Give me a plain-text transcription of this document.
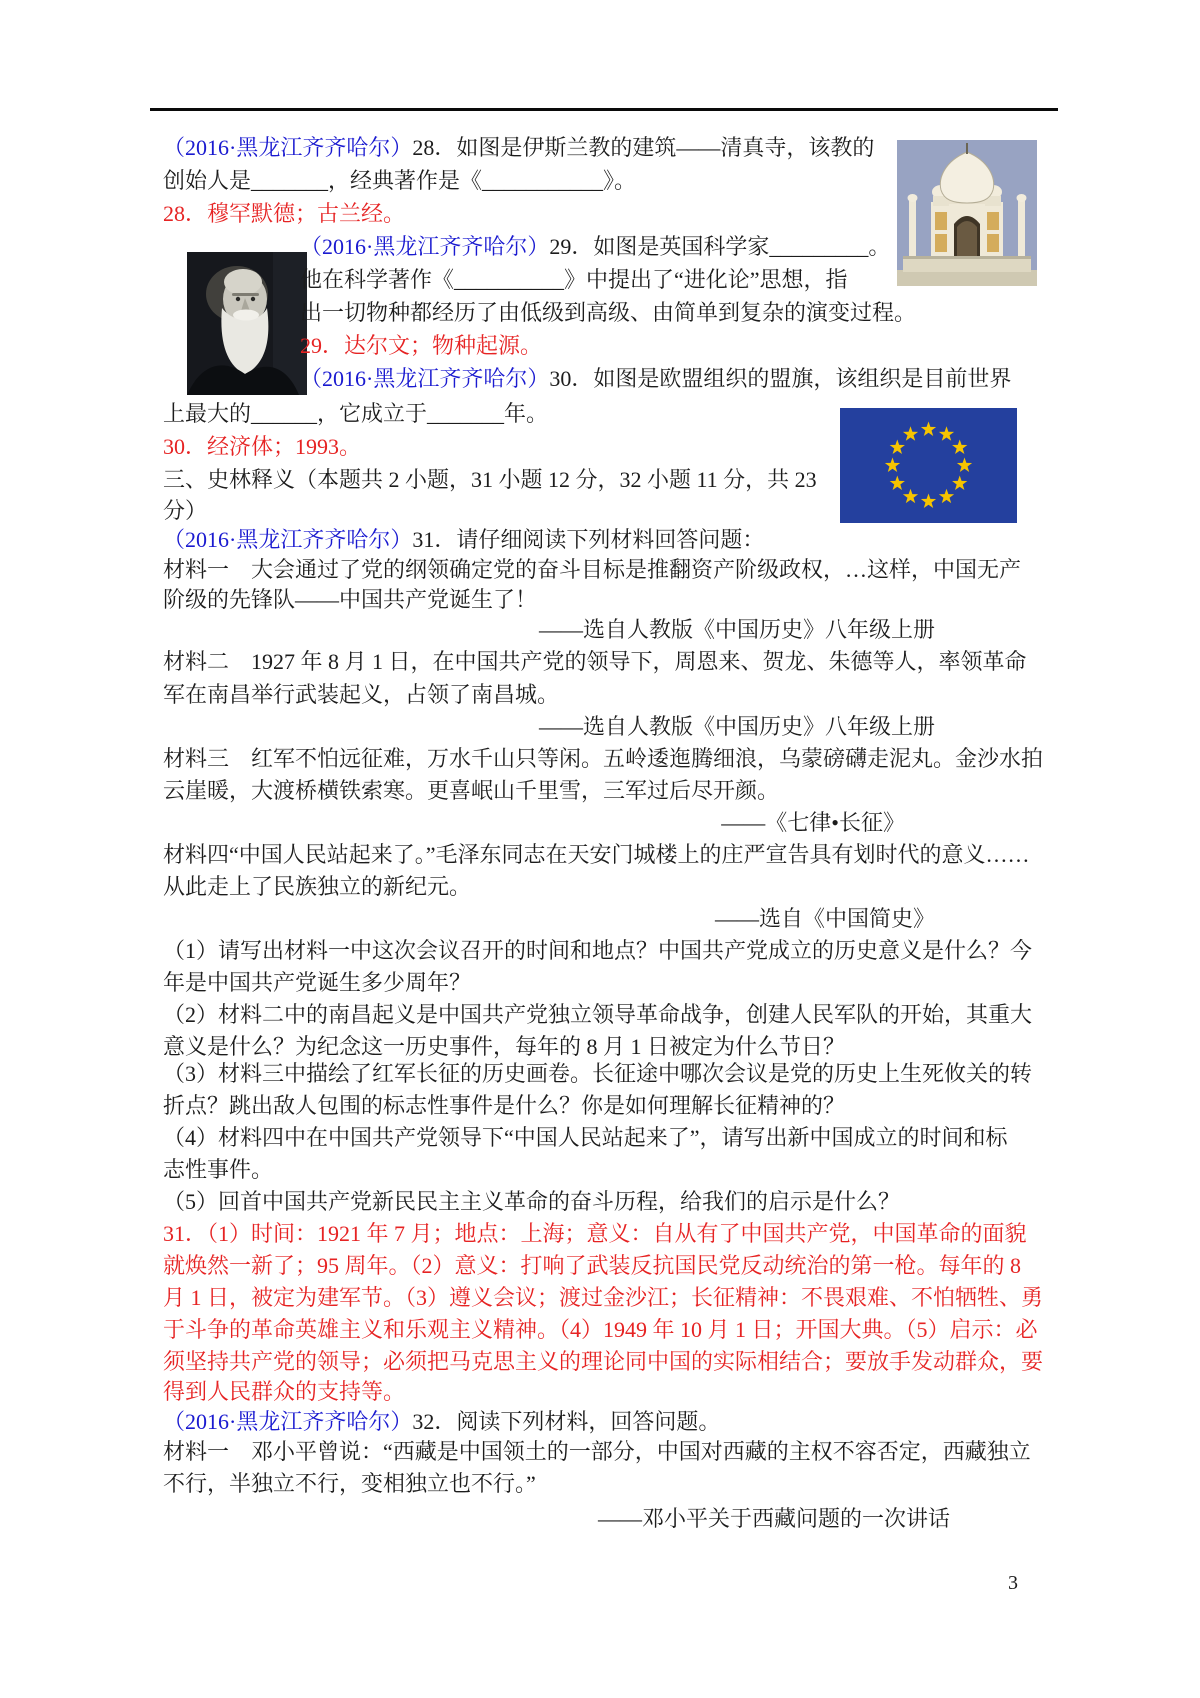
（2016·黑龙江齐齐哈尔）28．如图是伊斯兰教的建筑——清真寺，该教的
创始人是_______，经典著作是《___________》。
28．穆罕默德；古兰经。
（2016·黑龙江齐齐哈尔）29．如图是英国科学家_________。
他在科学著作《__________》中提出了“进化论”思想，指
出一切物种都经历了由低级到高级、由简单到复杂的演变过程。
29．达尔文；物种起源。
（2016·黑龙江齐齐哈尔）30．如图是欧盟组织的盟旗，该组织是目前世界
上最大的______，它成立于_______年。
30．经济体；1993。
三、史林释义（本题共 2 小题，31 小题 12 分，32 小题 11 分，共 23
分）
（2016·黑龙江齐齐哈尔）31．请仔细阅读下列材料回答问题：
材料一　大会通过了党的纲领确定党的奋斗目标是推翻资产阶级政权，…这样，中国无产
阶级的先锋队——中国共产党诞生了！
——选自人教版《中国历史》八年级上册
材料二　1927 年 8 月 1 日，在中国共产党的领导下，周恩来、贺龙、朱德等人，率领革命
军在南昌举行武装起义，占领了南昌城。
——选自人教版《中国历史》八年级上册
材料三　红军不怕远征难，万水千山只等闲。五岭逶迤腾细浪，乌蒙磅礴走泥丸。金沙水拍
云崖暖，大渡桥横铁索寒。更喜岷山千里雪，三军过后尽开颜。
——《七律•长征》
材料四“中国人民站起来了。”毛泽东同志在天安门城楼上的庄严宣告具有划时代的意义……
从此走上了民族独立的新纪元。
——选自《中国简史》
（1）请写出材料一中这次会议召开的时间和地点？中国共产党成立的历史意义是什么？今
年是中国共产党诞生多少周年？
（2）材料二中的南昌起义是中国共产党独立领导革命战争，创建人民军队的开始，其重大
意义是什么？为纪念这一历史事件，每年的 8 月 1 日被定为什么节日？
（3）材料三中描绘了红军长征的历史画卷。长征途中哪次会议是党的历史上生死攸关的转
折点？跳出敌人包围的标志性事件是什么？你是如何理解长征精神的？
（4）材料四中在中国共产党领导下“中国人民站起来了”，请写出新中国成立的时间和标
志性事件。
（5）回首中国共产党新民民主主义革命的奋斗历程，给我们的启示是什么？
31．（1）时间：1921 年 7 月；地点：上海；意义：自从有了中国共产党，中国革命的面貌
就焕然一新了；95 周年。（2）意义：打响了武装反抗国民党反动统治的第一枪。每年的 8
月 1 日，被定为建军节。（3）遵义会议；渡过金沙江；长征精神：不畏艰难、不怕牺牲、勇
于斗争的革命英雄主义和乐观主义精神。（4）1949 年 10 月 1 日；开国大典。（5）启示：必
须坚持共产党的领导；必须把马克思主义的理论同中国的实际相结合；要放手发动群众，要
得到人民群众的支持等。
（2016·黑龙江齐齐哈尔）32．阅读下列材料，回答问题。
材料一　邓小平曾说：“西藏是中国领土的一部分，中国对西藏的主权不容否定，西藏独立
不行，半独立不行，变相独立也不行。”
——邓小平关于西藏问题的一次讲话
3
